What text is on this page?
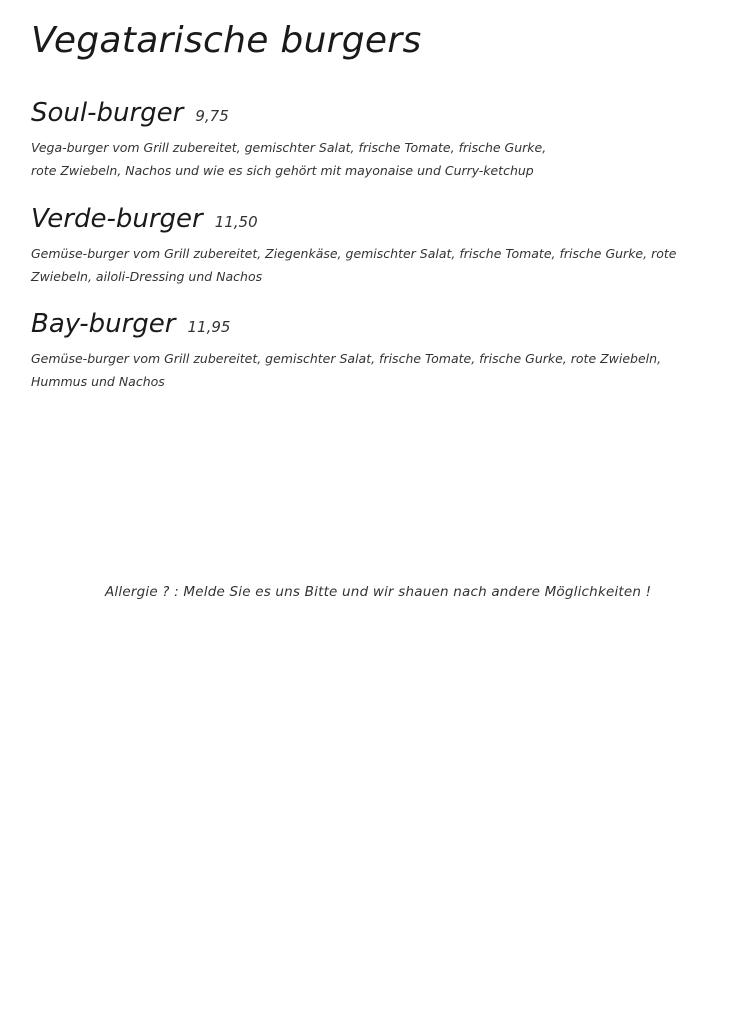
Vegatarische burgers

Soul-burger 9,75

Vega-burger vom Grill zubereitet, gemischter Salat, frische Tomate, frische Gurke,
rote Zwiebeln, Nachos und wie es sich gehört mit mayonaise und Curry-ketchup

Verde-burger 11,50

Gemüse-burger vom Grill zubereitet, Ziegenkäse, gemischter Salat, frische Tomate, frische Gurke, rote
Zwiebeln, ailoli-Dressing und Nachos

Bay-burger 11,95

Gemüse-burger vom Grill zubereitet, gemischter Salat, frische Tomate, frische Gurke, rote Zwiebeln,
Hummus und Nachos

Allergie ? : Melde Sie es uns Bitte und wir shauen nach andere Möglichkeiten !
